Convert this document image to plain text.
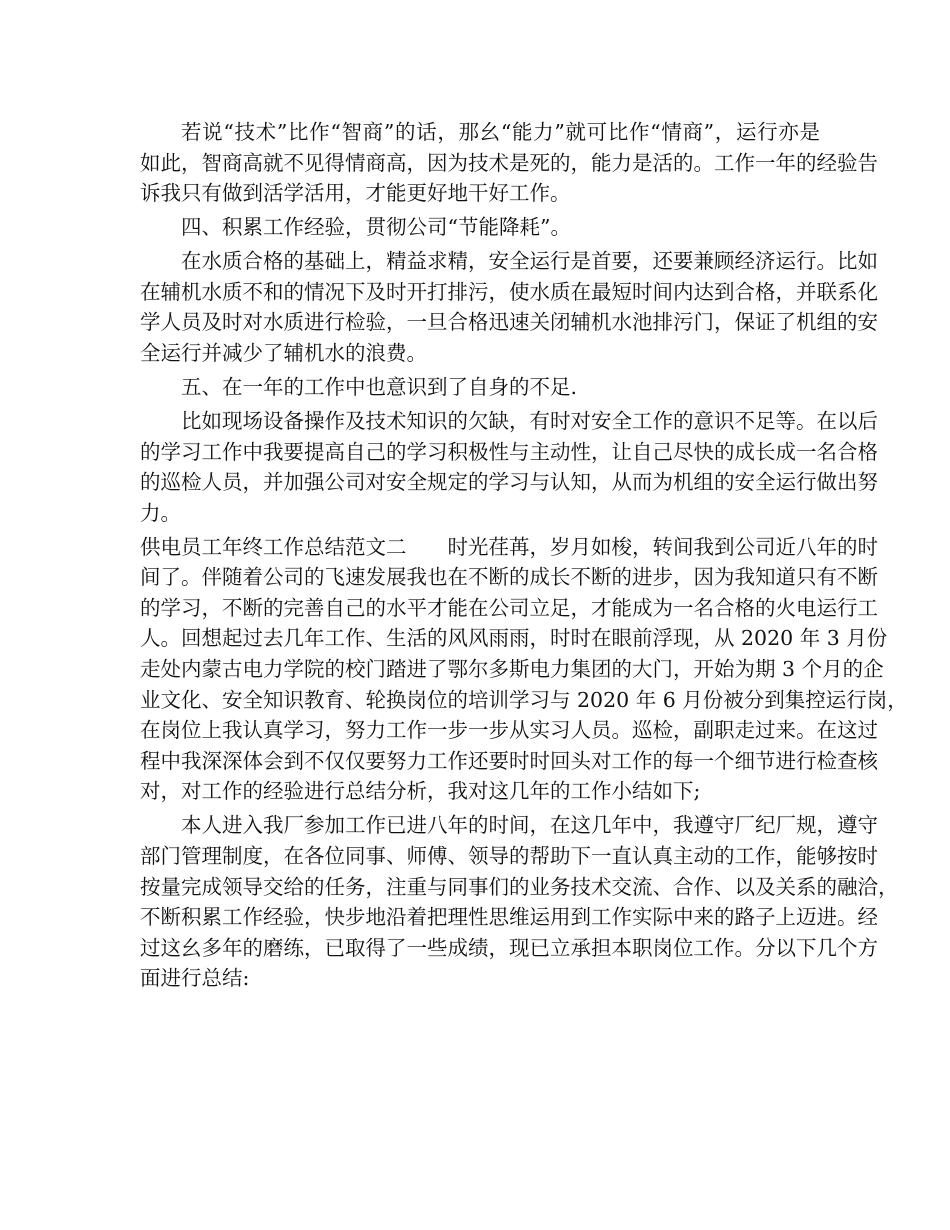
若说“技术”比作“智商”的话，那幺“能力”就可比作“情商”，运行亦是
如此，智商高就不见得情商高，因为技术是死的，能力是活的。工作一年的经验告
诉我只有做到活学活用，才能更好地干好工作。
四、积累工作经验，贯彻公司“节能降耗”。
在水质合格的基础上，精益求精，安全运行是首要，还要兼顾经济运行。比如
在辅机水质不和的情况下及时开打排污，使水质在最短时间内达到合格，并联系化
学人员及时对水质进行检验，一旦合格迅速关闭辅机水池排污门，保证了机组的安
全运行并减少了辅机水的浪费。
五、在一年的工作中也意识到了自身的不足.
比如现场设备操作及技术知识的欠缺，有时对安全工作的意识不足等。在以后
的学习工作中我要提高自己的学习积极性与主动性，让自己尽快的成长成一名合格
的巡检人员，并加强公司对安全规定的学习与认知，从而为机组的安全运行做出努
力。
供电员工年终工作总结范文二　　时光荏苒，岁月如梭，转间我到公司近八年的时
间了。伴随着公司的飞速发展我也在不断的成长不断的进步，因为我知道只有不断
的学习，不断的完善自己的水平才能在公司立足，才能成为一名合格的火电运行工
人。回想起过去几年工作、生活的风风雨雨，时时在眼前浮现，从 2020 年 3 月份
走处内蒙古电力学院的校门踏进了鄂尔多斯电力集团的大门，开始为期 3 个月的企
业文化、安全知识教育、轮换岗位的培训学习与 2020 年 6 月份被分到集控运行岗，
在岗位上我认真学习，努力工作一步一步从实习人员。巡检，副职走过来。在这过
程中我深深体会到不仅仅要努力工作还要时时回头对工作的每一个细节进行检查核
对，对工作的经验进行总结分析，我对这几年的工作小结如下;
本人进入我厂参加工作已进八年的时间，在这几年中，我遵守厂纪厂规，遵守
部门管理制度，在各位同事、师傅、领导的帮助下一直认真主动的工作，能够按时
按量完成领导交给的任务，注重与同事们的业务技术交流、合作、以及关系的融洽，
不断积累工作经验，快步地沿着把理性思维运用到工作实际中来的路子上迈进。经
过这幺多年的磨练，已取得了一些成绩，现已立承担本职岗位工作。分以下几个方
面进行总结:
